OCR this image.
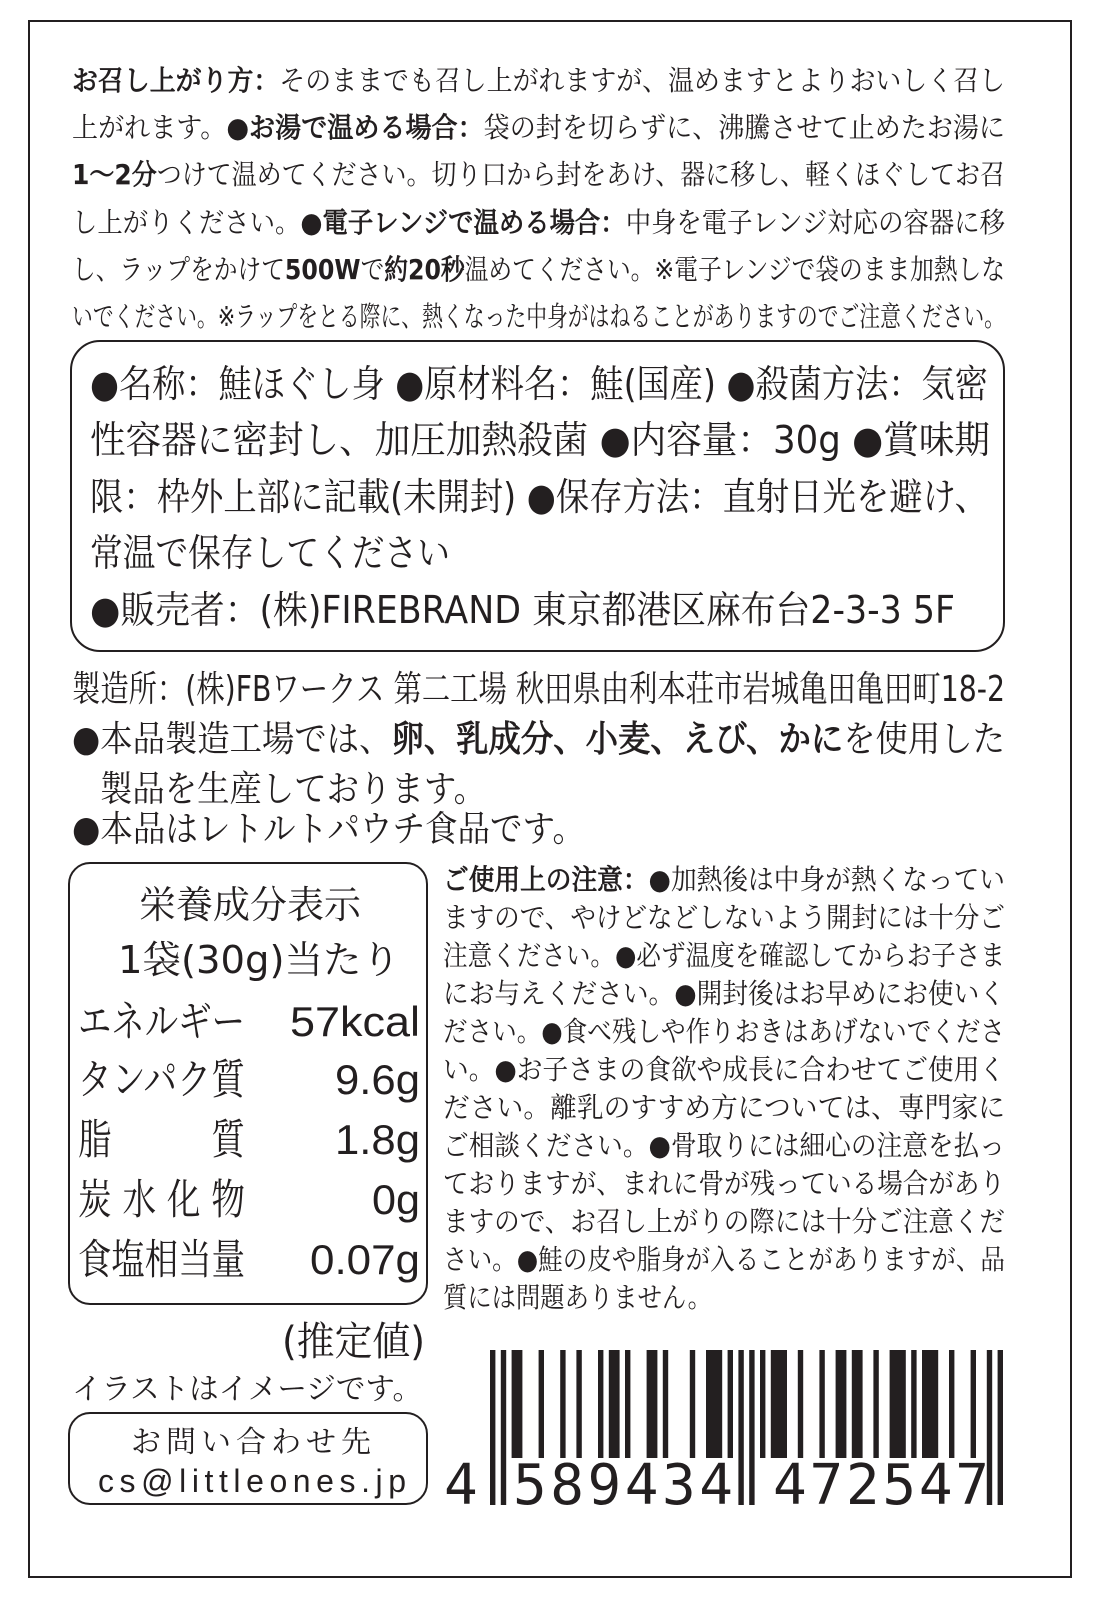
お召し上がり方：そのままでも召し上がれますが、温めますとよりおいしく召し
上がれます。●お湯で温める場合：袋の封を切らずに、沸騰させて止めたお湯に
1～2分つけて温めてください。切り口から封をあけ、器に移し、軽くほぐしてお召
し上がりください。●電子レンジで温める場合：中身を電子レンジ対応の容器に移
し、ラップをかけて500Wで約20秒温めてください。※電子レンジで袋のまま加熱しな
いでください。※ラップをとる際に、熱くなった中身がはねることがありますのでご注意ください。
●名称：鮭ほぐし身 ●原材料名：鮭(国産) ●殺菌方法：気密
性容器に密封し、加圧加熱殺菌 ●内容量：30g ●賞味期
限：枠外上部に記載(未開封) ●保存方法：直射日光を避け、
常温で保存してください
●販売者：(株)FIREBRAND 東京都港区麻布台2-3-3 5F
製造所：(株)FBワークス 第二工場 秋田県由利本荘市岩城亀田亀田町18-2
●本品製造工場では、卵、乳成分、小麦、えび、かにを使用した
製品を生産しております。
●本品はレトルトパウチ食品です。
栄養成分表示
1袋(30g)当たり
エネルギー 57kcal
タンパク質 9.6g
脂質
1.8g
炭水化物	0g
食塩相当量 0.07g
(推定値)
イラストはイメージです。
お問い合わせ先
cs@littleones.jp
ご使用上の注意：●加熱後は中身が熱くなってい
ますので、やけどなどしないよう開封には十分ご
注意ください。●必ず温度を確認してからお子さま
にお与えください。●開封後はお早めにお使いく
ださい。●食べ残しや作りおきはあげないでくださ
い。●お子さまの食欲や成長に合わせてご使用く
ださい。離乳のすすめ方については、専門家に
ご相談ください。●骨取りには細心の注意を払っ
ておりますが、まれに骨が残っている場合があり
ますので、お召し上がりの際には十分ご注意くだ
さい。●鮭の皮や脂身が入ることがありますが、品
質には問題ありません。
4 589434 472547
